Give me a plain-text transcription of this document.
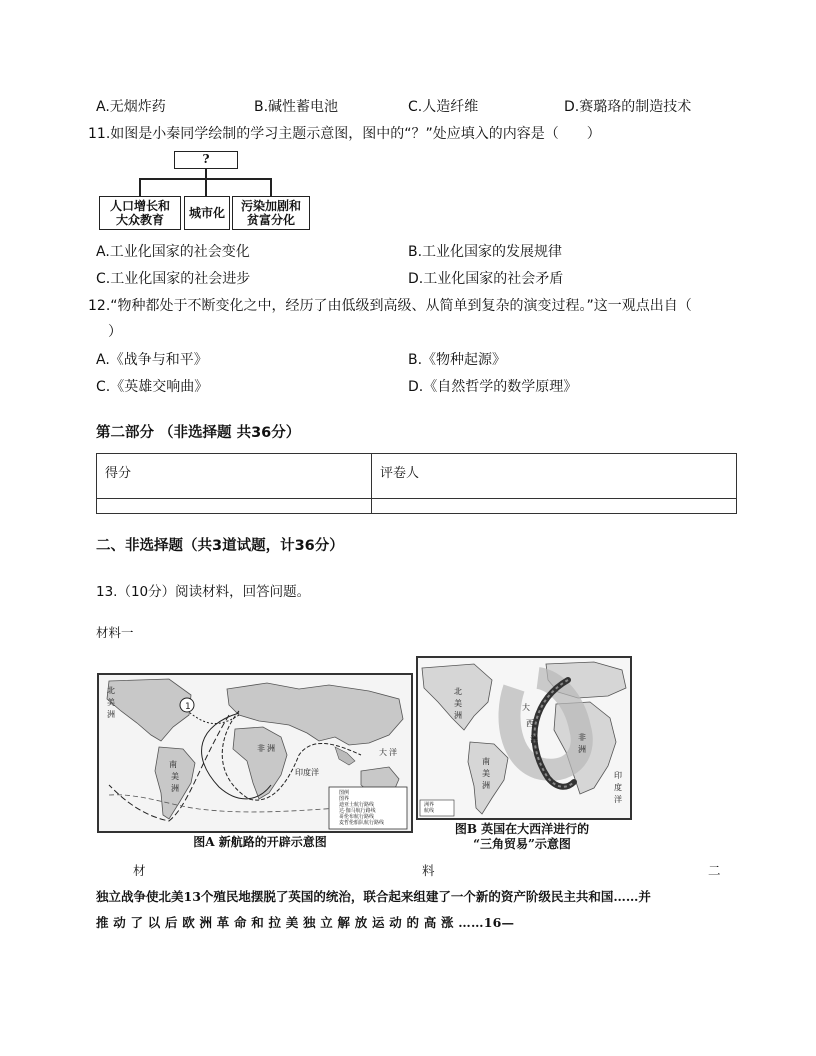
A.无烟炸药	B.碱性蓄电池	C.人造纤维	D.赛璐珞的制造技术
11.如图是小秦同学绘制的学习主题示意图，图中的“？”处应填入的内容是（　　）
?
人口增长和
大众教育	城市化	污染加剧和
贫富分化
A.工业化国家的社会变化	B.工业化国家的发展规律
C.工业化国家的社会进步	D.工业化国家的社会矛盾
12.“物种都处于不断变化之中，经历了由低级到高级、从简单到复杂的演变过程。”这一观点出自（
）
A.《战争与和平》	B.《物种起源》
C.《英雄交响曲》	D.《自然哲学的数学原理》
第二部分 （非选择题 共36分）
得分	评卷人

二、非选择题（共3道试题，计36分）
13.（10分）阅读材料，回答问题。
材料一
1
北
美
洲
南
美
洲
非 洲	大 洋
印度洋
图例
图界
迪亚士航行路线
达·伽马航行路线
哥伦布航行路线
麦哲伦船队航行路线
图A 新航路的开辟示意图
北
美
洲
南
美
洲
大
西
洋	非
洲
印
度
洋
洲界
航线
图B 英国在大西洋进行的
“三角贸易”示意图
材	料	二
独立战争使北美13个殖民地摆脱了英国的统治，联合起来组建了一个新的资产阶级民主共和国……并
推 动 了 以 后 欧 洲 革 命 和 拉 美 独 立 解 放 运 动 的 高 涨 ……16—
